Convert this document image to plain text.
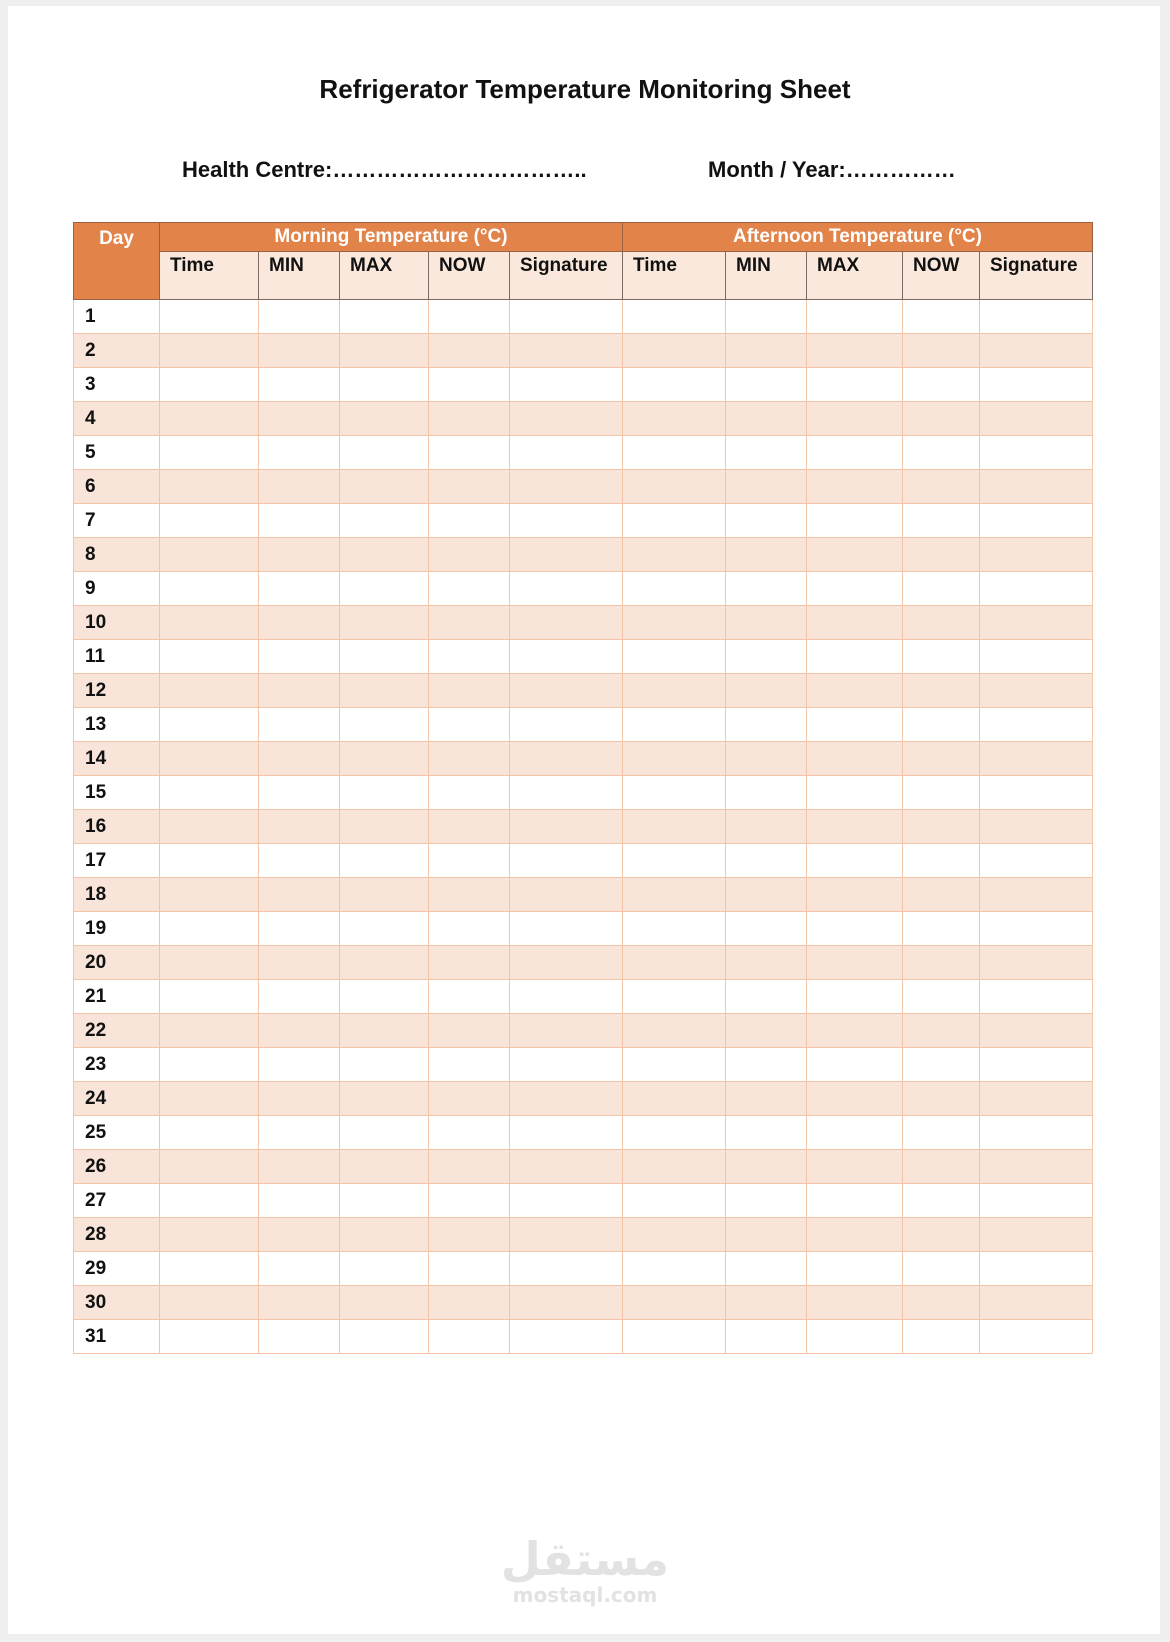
Refrigerator Temperature Monitoring Sheet
Health Centre:……………………………..	Month / Year:……………
Day	Morning Temperature (°C)					Afternoon Temperature (°C)				
	Time	MIN	MAX	NOW	Signature	Time	MIN	MAX	NOW	Signature
1										
2										
3										
4										
5										
6										
7										
8										
9										
10										
11										
12										
13										
14										
15										
16										
17										
18										
19										
20										
21										
22										
23										
24										
25										
26										
27										
28										
29										
30										
31										
مستقل
mostaql.com
